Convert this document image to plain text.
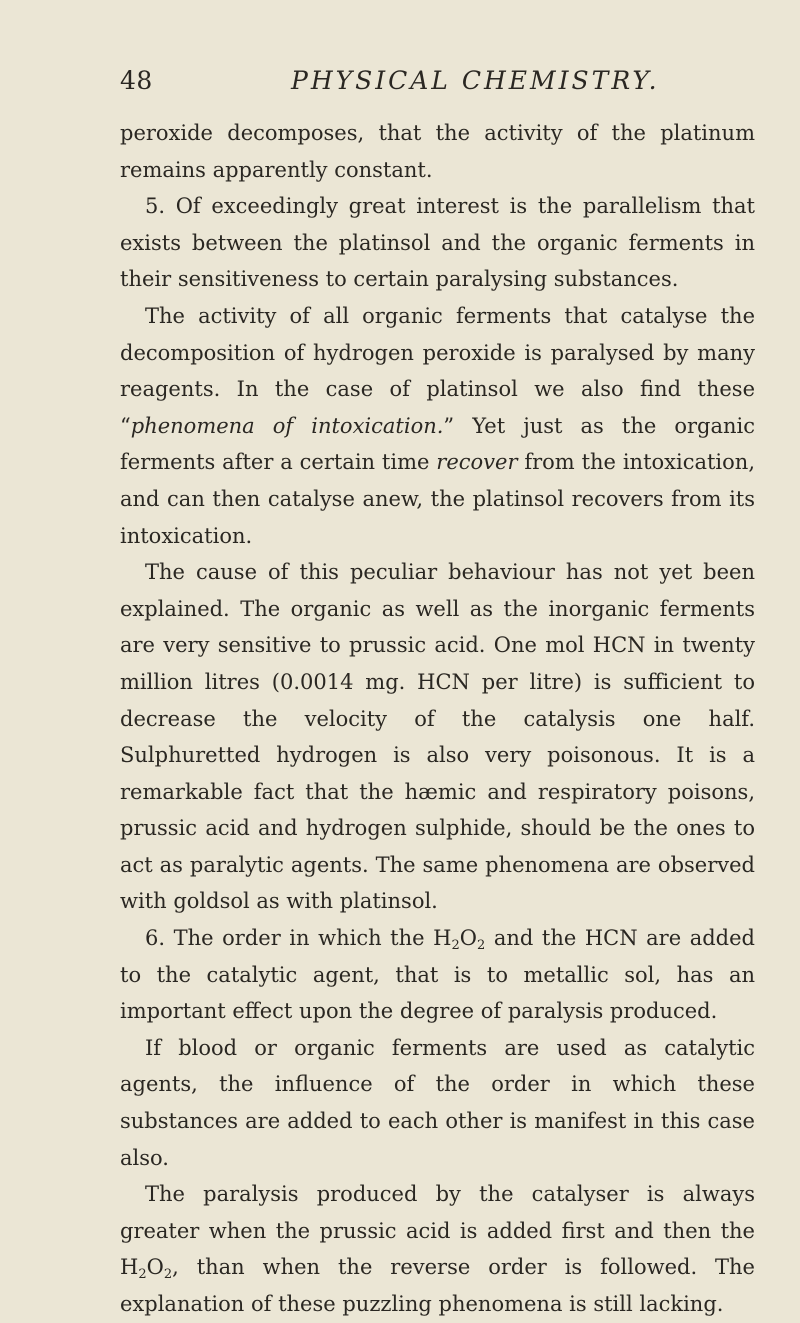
48	PHYSICAL CHEMISTRY.

peroxide decomposes, that the activity of the platinum remains apparently constant.

5. Of exceedingly great interest is the parallelism that exists between the platinsol and the organic ferments in their sensitiveness to certain paralysing substances.

The activity of all organic ferments that catalyse the decomposition of hydrogen peroxide is paralysed by many reagents. In the case of platinsol we also find these “phenomena of intoxication.” Yet just as the organic ferments after a certain time recover from the intoxication, and can then catalyse anew, the platinsol recovers from its intoxication.

The cause of this peculiar behaviour has not yet been explained. The organic as well as the inorganic ferments are very sensitive to prussic acid. One mol HCN in twenty million litres (0.0014 mg. HCN per litre) is sufficient to decrease the velocity of the catalysis one half. Sulphuretted hydrogen is also very poisonous. It is a remarkable fact that the hæmic and respiratory poisons, prussic acid and hydrogen sulphide, should be the ones to act as paralytic agents. The same phenomena are observed with goldsol as with platinsol.

6. The order in which the $H_2O_2$ and the HCN are added to the catalytic agent, that is to metallic sol, has an important effect upon the degree of paralysis produced.

If blood or organic ferments are used as catalytic agents, the influence of the order in which these substances are added to each other is manifest in this case also.

The paralysis produced by the catalyser is always greater when the prussic acid is added first and then the $H_2O_2$, than when the reverse order is followed. The explanation of these puzzling phenomena is still lacking.
